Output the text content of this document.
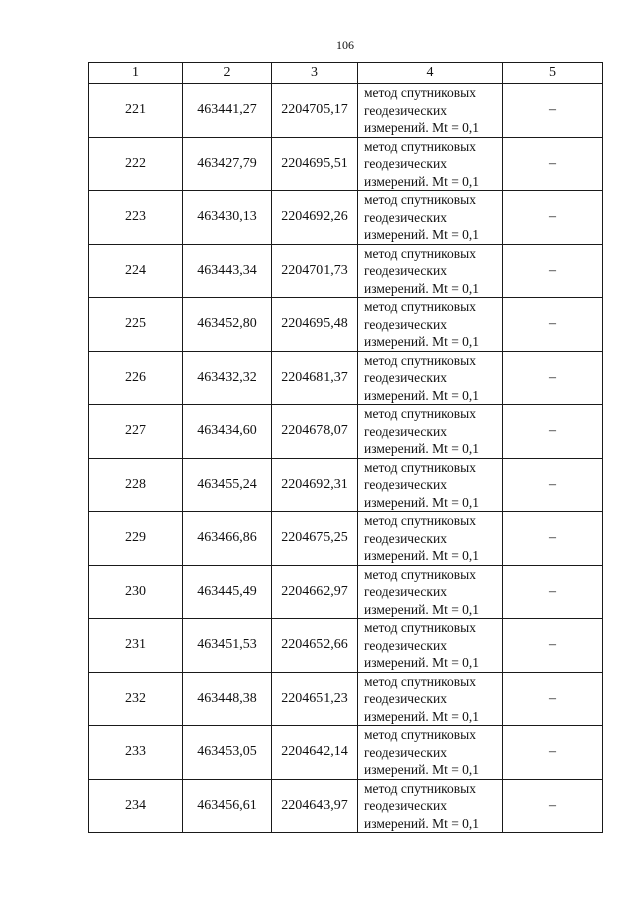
106
1	2	3	4	5
221	463441,27	2204705,17	метод спутниковых
геодезических
измерений. Mt = 0,1	–
222	463427,79	2204695,51	метод спутниковых
геодезических
измерений. Mt = 0,1	–
223	463430,13	2204692,26	метод спутниковых
геодезических
измерений. Mt = 0,1	–
224	463443,34	2204701,73	метод спутниковых
геодезических
измерений. Mt = 0,1	–
225	463452,80	2204695,48	метод спутниковых
геодезических
измерений. Mt = 0,1	–
226	463432,32	2204681,37	метод спутниковых
геодезических
измерений. Mt = 0,1	–
227	463434,60	2204678,07	метод спутниковых
геодезических
измерений. Mt = 0,1	–
228	463455,24	2204692,31	метод спутниковых
геодезических
измерений. Mt = 0,1	–
229	463466,86	2204675,25	метод спутниковых
геодезических
измерений. Mt = 0,1	–
230	463445,49	2204662,97	метод спутниковых
геодезических
измерений. Mt = 0,1	–
231	463451,53	2204652,66	метод спутниковых
геодезических
измерений. Mt = 0,1	–
232	463448,38	2204651,23	метод спутниковых
геодезических
измерений. Mt = 0,1	–
233	463453,05	2204642,14	метод спутниковых
геодезических
измерений. Mt = 0,1	–
234	463456,61	2204643,97	метод спутниковых
геодезических
измерений. Mt = 0,1	–
